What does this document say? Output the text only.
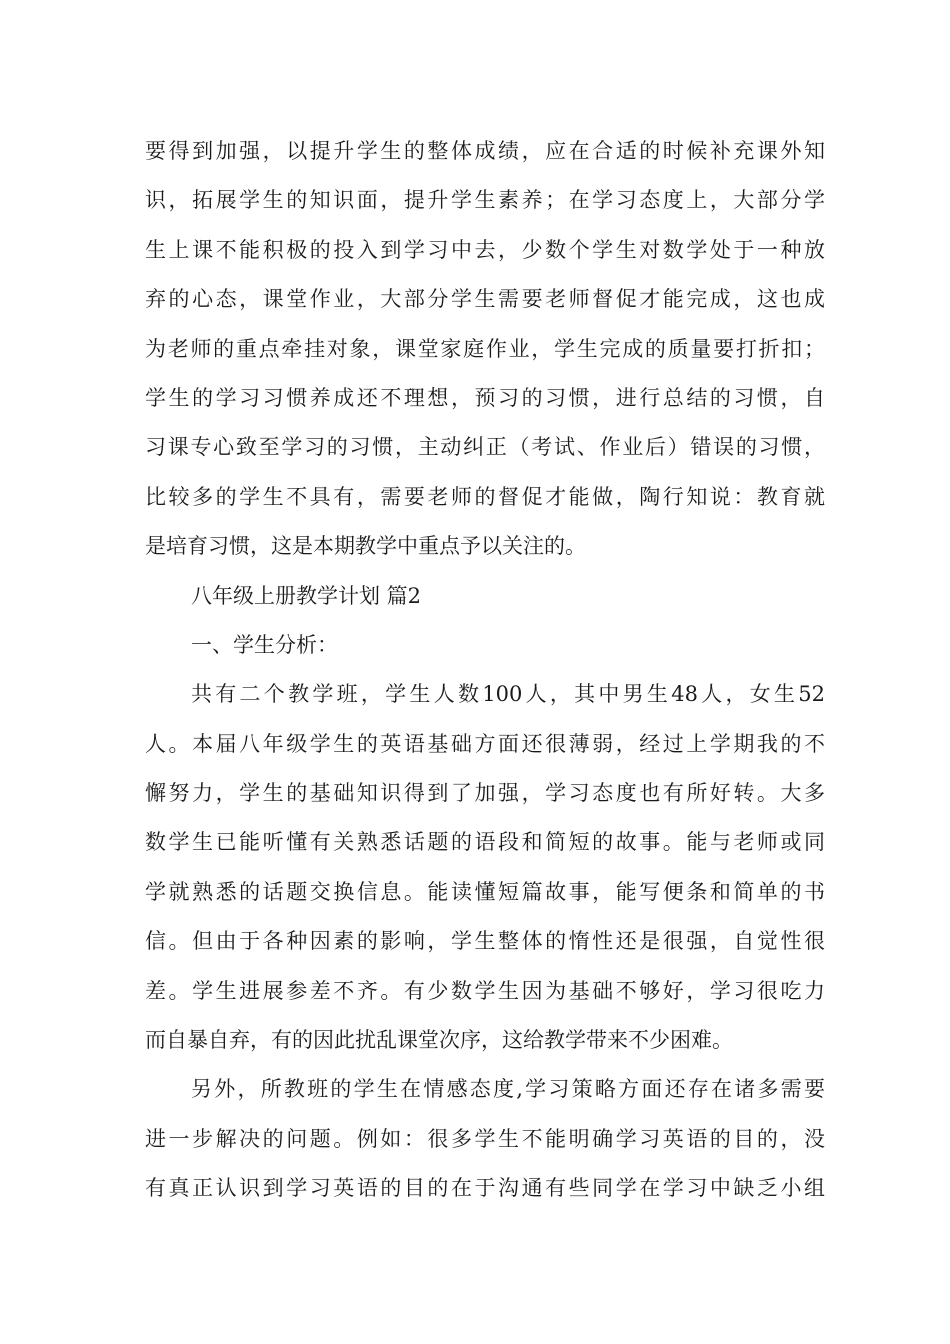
要得到加强，以提升学生的整体成绩，应在合适的时候补充课外知
识，拓展学生的知识面，提升学生素养；在学习态度上，大部分学
生上课不能积极的投入到学习中去，少数个学生对数学处于一种放
弃的心态，课堂作业，大部分学生需要老师督促才能完成，这也成
为老师的重点牵挂对象，课堂家庭作业，学生完成的质量要打折扣；
学生的学习习惯养成还不理想，预习的习惯，进行总结的习惯，自
习课专心致至学习的习惯，主动纠正（考试、作业后）错误的习惯，
比较多的学生不具有，需要老师的督促才能做，陶行知说：教育就
是培育习惯，这是本期教学中重点予以关注的。
八年级上册教学计划 篇2
一、学生分析：
共有二个教学班，学生人数100人，其中男生48人，女生52
人。本届八年级学生的英语基础方面还很薄弱，经过上学期我的不
懈努力，学生的基础知识得到了加强，学习态度也有所好转。大多
数学生已能听懂有关熟悉话题的语段和简短的故事。能与老师或同
学就熟悉的话题交换信息。能读懂短篇故事，能写便条和简单的书
信。但由于各种因素的影响，学生整体的惰性还是很强，自觉性很
差。学生进展参差不齐。有少数学生因为基础不够好，学习很吃力
而自暴自弃，有的因此扰乱课堂次序，这给教学带来不少困难。
另外，所教班的学生在情感态度,学习策略方面还存在诸多需要
进一步解决的问题。例如：很多学生不能明确学习英语的目的，没
有真正认识到学习英语的目的在于沟通有些同学在学习中缺乏小组
